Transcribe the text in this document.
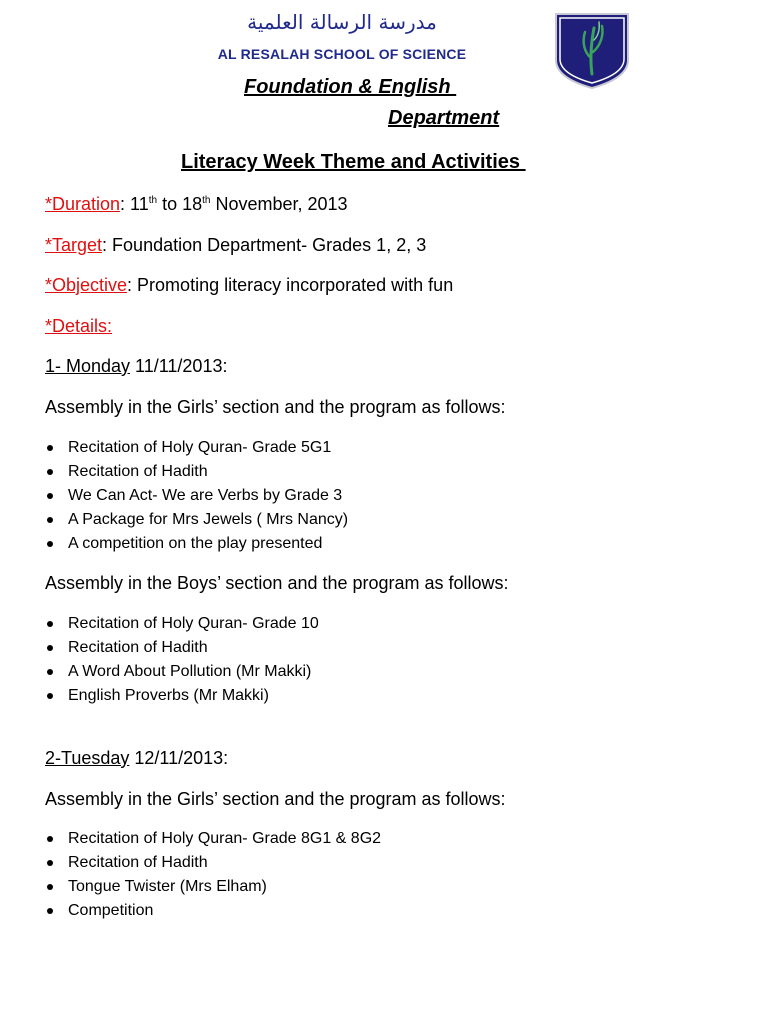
مدرسة الرسالة العلمية
AL RESALAH SCHOOL OF SCIENCE
Foundation & English
Department
Literacy Week Theme and Activities
*Duration: 11th to 18th November, 2013
*Target: Foundation Department- Grades 1, 2, 3
*Objective: Promoting literacy incorporated with fun
*Details:
1- Monday 11/11/2013:
Assembly in the Girls’ section and the program as follows:
Recitation of Holy Quran- Grade 5G1
Recitation of Hadith
We Can Act- We are Verbs by Grade 3
A Package for Mrs Jewels ( Mrs Nancy)
A competition on the play presented
Assembly in the Boys’ section and the program as follows:
Recitation of Holy Quran- Grade 10
Recitation of Hadith
A Word About Pollution (Mr Makki)
English Proverbs (Mr Makki)
2-Tuesday 12/11/2013:
Assembly in the Girls’ section and the program as follows:
Recitation of Holy Quran- Grade 8G1 & 8G2
Recitation of Hadith
Tongue Twister (Mrs Elham)
Competition
